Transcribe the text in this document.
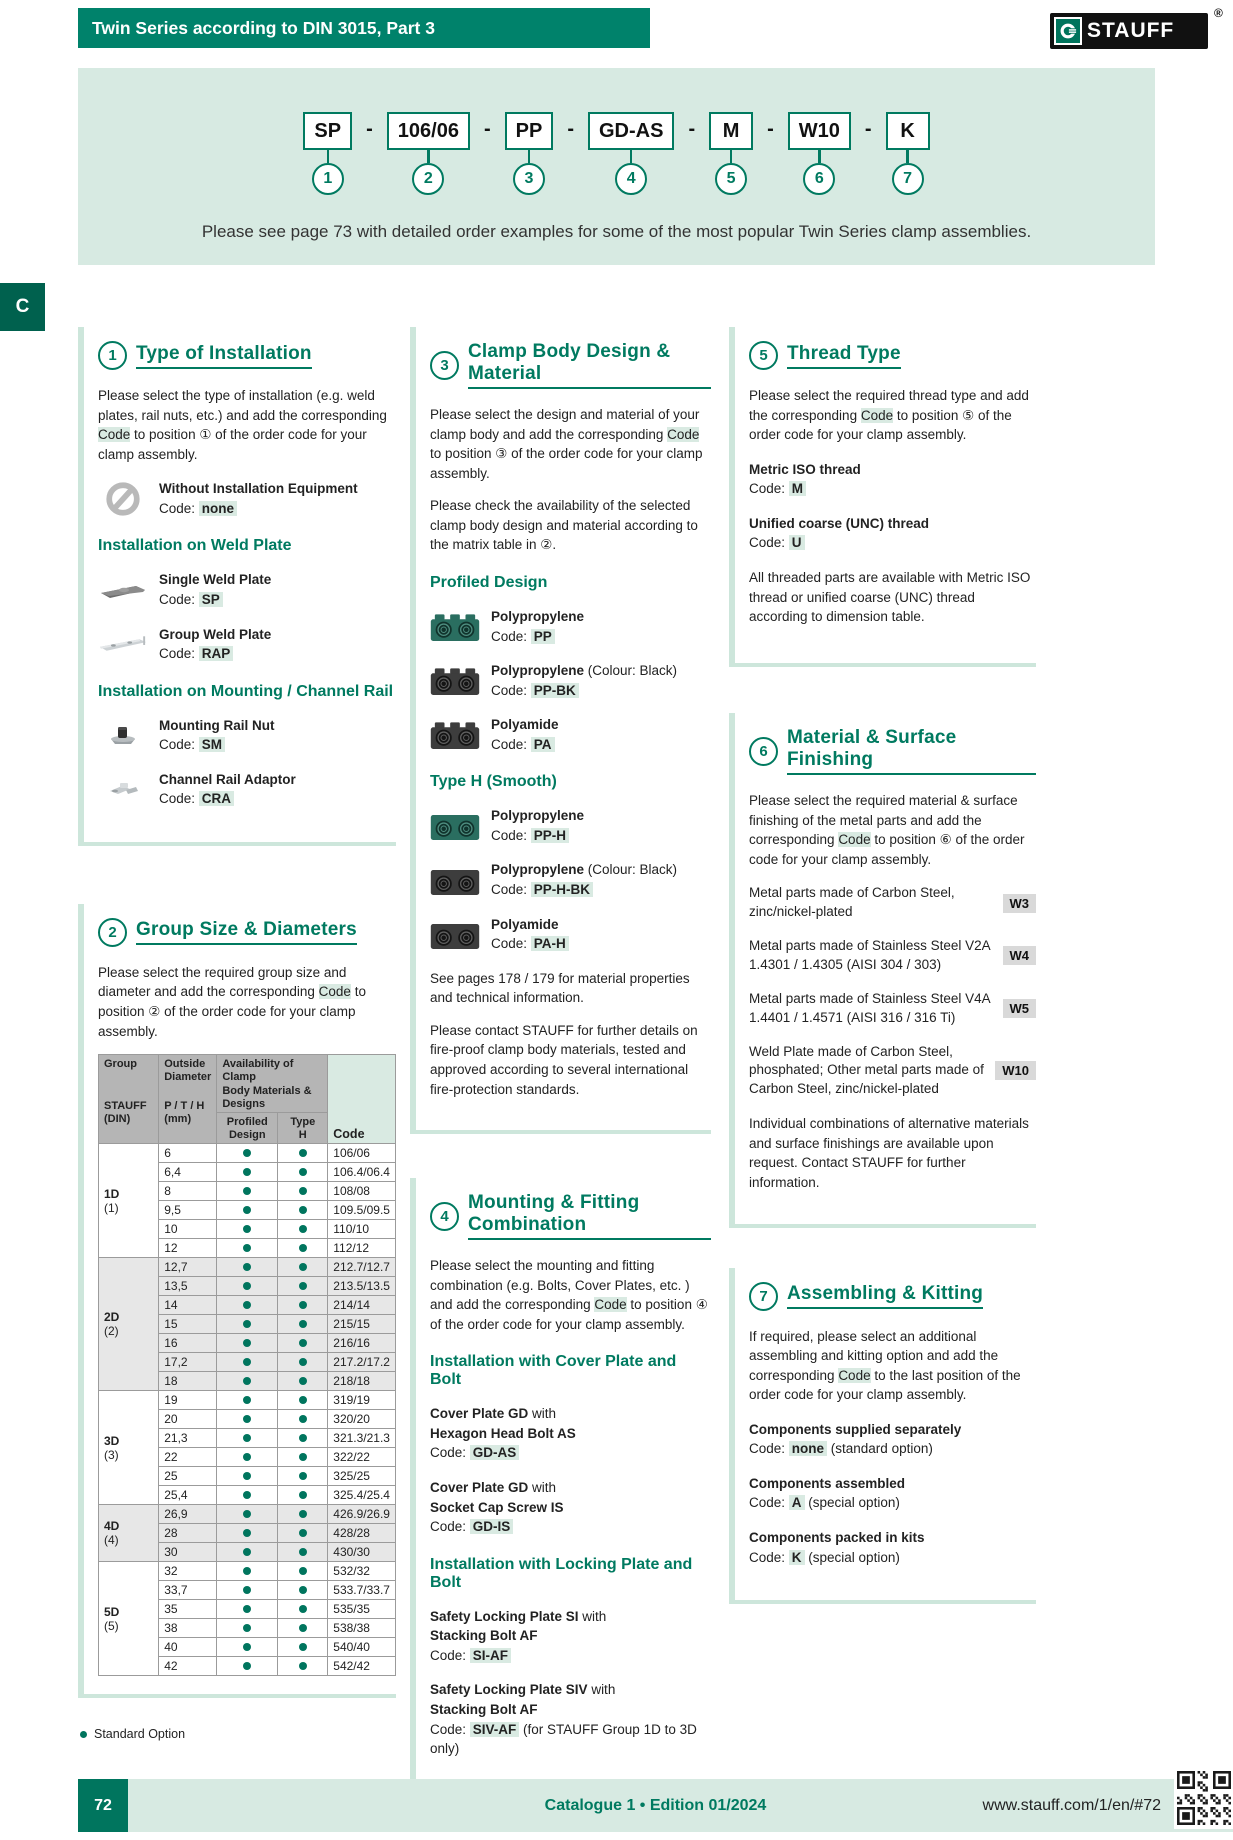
Twin Series according to DIN 3015, Part 3	STAUFF
®
SP
1
-	106/06
2
-	PP
3
-	GD-AS
4
-	M
5
-	W10
6
-	K
7
Please see page 73 with detailed order examples for some of the most popular Twin Series clamp assemblies.
C
1	Type of Installation
Please select the type of installation (e.g. weld plates, rail nuts, etc.) and add the corresponding Code to position ① of the order code for your clamp assembly.
Without Installation Equipment
Code: none
Installation on Weld Plate
Single Weld Plate
Code: SP
Group Weld Plate
Code: RAP
Installation on Mounting / Channel Rail
Mounting Rail Nut
Code: SM
Channel Rail Adaptor
Code: CRA
2	Group Size & Diameters
Please select the required group size and diameter and add the corresponding Code to position ② of the order code for your clamp assembly.
Group
STAUFF
(DIN)

Outside
Diameter
P / T / H
(mm)
	Availability of Clamp
Body Materials & Designs	Code
		Profiled
Design	Type
H	

1D
(1)	6			106/06
	6,4			106.4/06.4
	8			108/08
	9,5			109.5/09.5
	10			110/10
	12			112/12

2D
(2)	12,7			212.7/12.7
	13,5			213.5/13.5
	14			214/14
	15			215/15
	16			216/16
	17,2			217.2/17.2
	18			218/18

3D
(3)	19			319/19
	20			320/20
	21,3			321.3/21.3
	22			322/22
	25			325/25
	25,4			325.4/25.4

4D
(4)	26,9			426.9/26.9
	28			428/28
	30			430/30

5D
(5)	32			532/32
	33,7			533.7/33.7
	35			535/35
	38			538/38
	40			540/40
	42			542/42
3
Clamp Body Design & Material
Please select the design and material of your clamp body and add the corresponding Code to position ③ of the order code for your clamp assembly.
Please check the availability of the selected clamp body design and material according to the matrix table in ②.
Profiled Design
Polypropylene
Code: PP
Polypropylene (Colour: Black)
Code: PP-BK
Polyamide
Code: PA
Type H (Smooth)
Polypropylene
Code: PP-H
Polypropylene (Colour: Black)
Code: PP-H-BK
Polyamide
Code: PA-H
See pages 178 / 179 for material properties and technical information.
Please contact STAUFF for further details on fire-proof clamp body materials, tested and approved according to several international fire-protection standards.
4
Mounting & Fitting Combination
Please select the mounting and fitting combination (e.g. Bolts, Cover Plates, etc. ) and add the corresponding Code to position ④ of the order code for your clamp assembly.
Installation with Cover Plate and Bolt
Cover Plate GD with
Hexagon Head Bolt AS
Code: GD-AS
Cover Plate GD with
Socket Cap Screw IS
Code: GD-IS
Installation with Locking Plate and Bolt
Safety Locking Plate SI with
Stacking Bolt AF
Code: SI-AF
Safety Locking Plate SIV with
Stacking Bolt AF
Code: SIV-AF (for STAUFF Group 1D to 3D only)
5	Thread Type
Please select the required thread type and add the corresponding Code to position ⑤ of the order code for your clamp assembly.
Metric ISO thread
Code: M
Unified coarse (UNC) thread
Code: U
All threaded parts are available with Metric ISO thread or unified coarse (UNC) thread according to dimension table.
6
Material & Surface Finishing
Please select the required material & surface finishing of the metal parts and add the corresponding Code to position ⑥ of the order code for your clamp assembly.
Metal parts made of Carbon Steel, zinc/nickel-plated
W3
Metal parts made of Stainless Steel V2A 1.4301 / 1.4305 (AISI 304 / 303)
W4
Metal parts made of Stainless Steel V4A 1.4401 / 1.4571 (AISI 316 / 316 Ti)
W5
Weld Plate made of Carbon Steel, phosphated; Other metal parts made of Carbon Steel, zinc/nickel-plated
W10
Individual combinations of alternative materials and surface finishings are available upon request. Contact STAUFF for further information.
7	Assembling & Kitting
If required, please select an additional assembling and kitting option and add the corresponding Code to the last position of the order code for your clamp assembly.
Components supplied separately
Code: none (standard option)
Components assembled
Code: A (special option)
Components packed in kits
Code: K (special option)
Standard Option
72	Catalogue 1 • Edition 01/2024	www.stauff.com/1/en/#72
